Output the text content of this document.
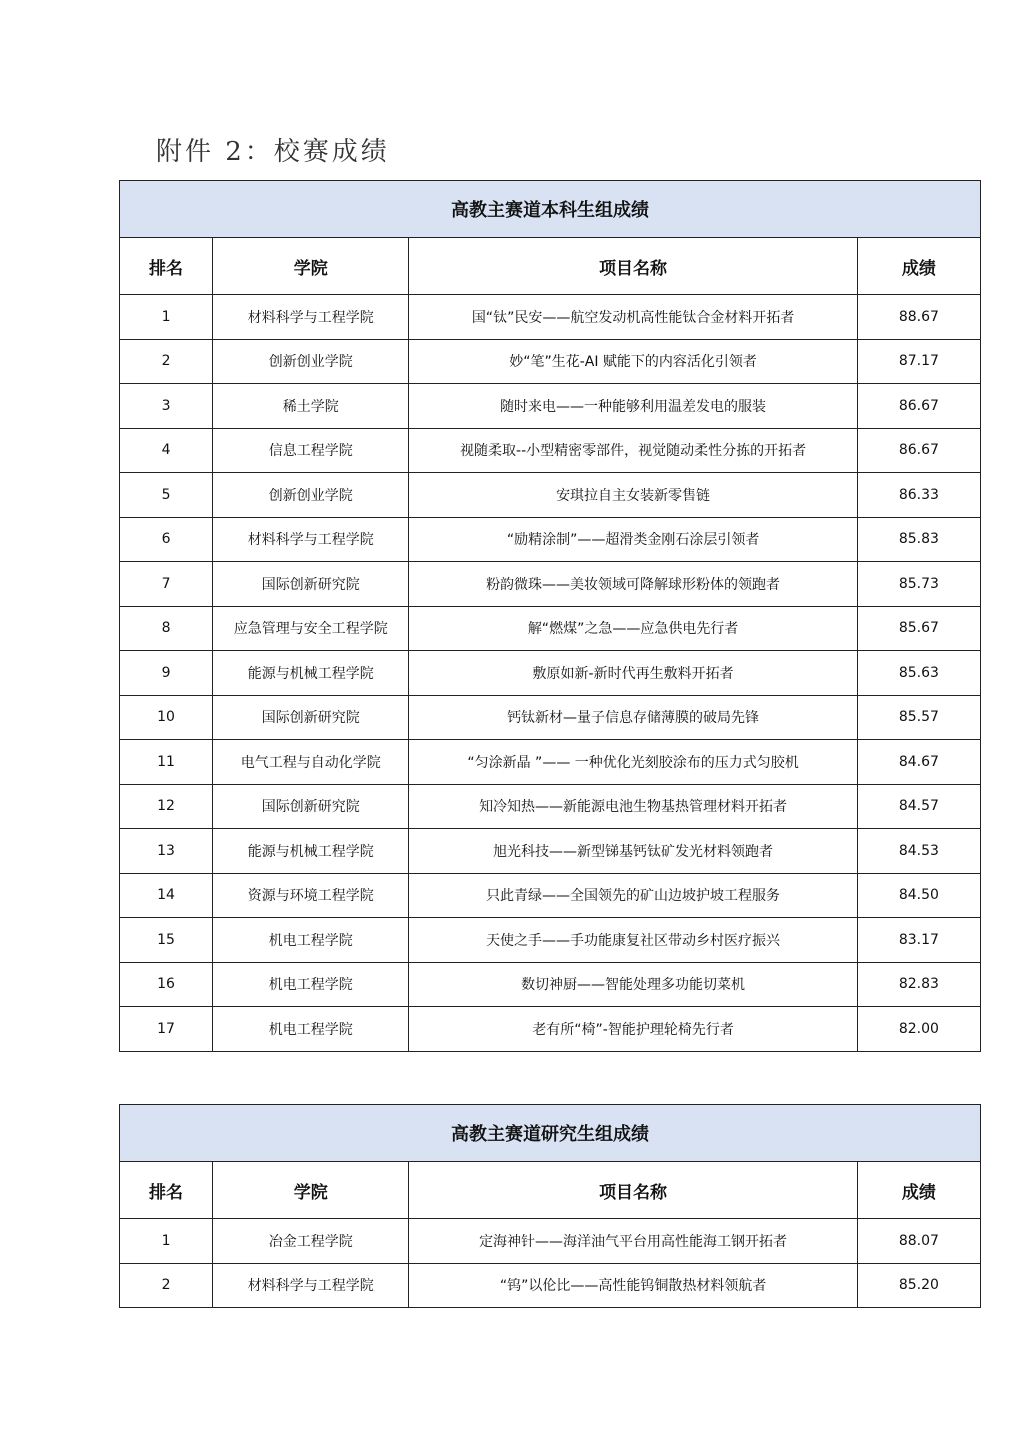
附件 2：校赛成绩
高教主赛道本科生组成绩			
排名	学院	项目名称	成绩
1	材料科学与工程学院	国“钛”民安——航空发动机高性能钛合金材料开拓者	88.67
2	创新创业学院	妙“笔”生花-AI 赋能下的内容活化引领者	87.17
3	稀土学院	随时来电——一种能够利用温差发电的服装	86.67
4	信息工程学院	视随柔取--小型精密零部件，视觉随动柔性分拣的开拓者	86.67
5	创新创业学院	安琪拉自主女装新零售链	86.33
6	材料科学与工程学院	“励精涂制”——超滑类金刚石涂层引领者	85.83
7	国际创新研究院	粉韵微珠——美妆领域可降解球形粉体的领跑者	85.73
8	应急管理与安全工程学院	解“燃煤”之急——应急供电先行者	85.67
9	能源与机械工程学院	敷原如新-新时代再生敷料开拓者	85.63
10	国际创新研究院	钙钛新材—量子信息存储薄膜的破局先锋	85.57
11	电气工程与自动化学院	“匀涂新晶 ”—— 一种优化光刻胶涂布的压力式匀胶机	84.67
12	国际创新研究院	知冷知热——新能源电池生物基热管理材料开拓者	84.57
13	能源与机械工程学院	旭光科技——新型锑基钙钛矿发光材料领跑者	84.53
14	资源与环境工程学院	只此青绿——全国领先的矿山边坡护坡工程服务	84.50
15	机电工程学院	天使之手——手功能康复社区带动乡村医疗振兴	83.17
16	机电工程学院	数切神厨——智能处理多功能切菜机	82.83
17	机电工程学院	老有所“椅”-智能护理轮椅先行者	82.00
高教主赛道研究生组成绩			
排名	学院	项目名称	成绩
1	冶金工程学院	定海神针——海洋油气平台用高性能海工钢开拓者	88.07
2	材料科学与工程学院	“钨”以伦比——高性能钨铜散热材料领航者	85.20
